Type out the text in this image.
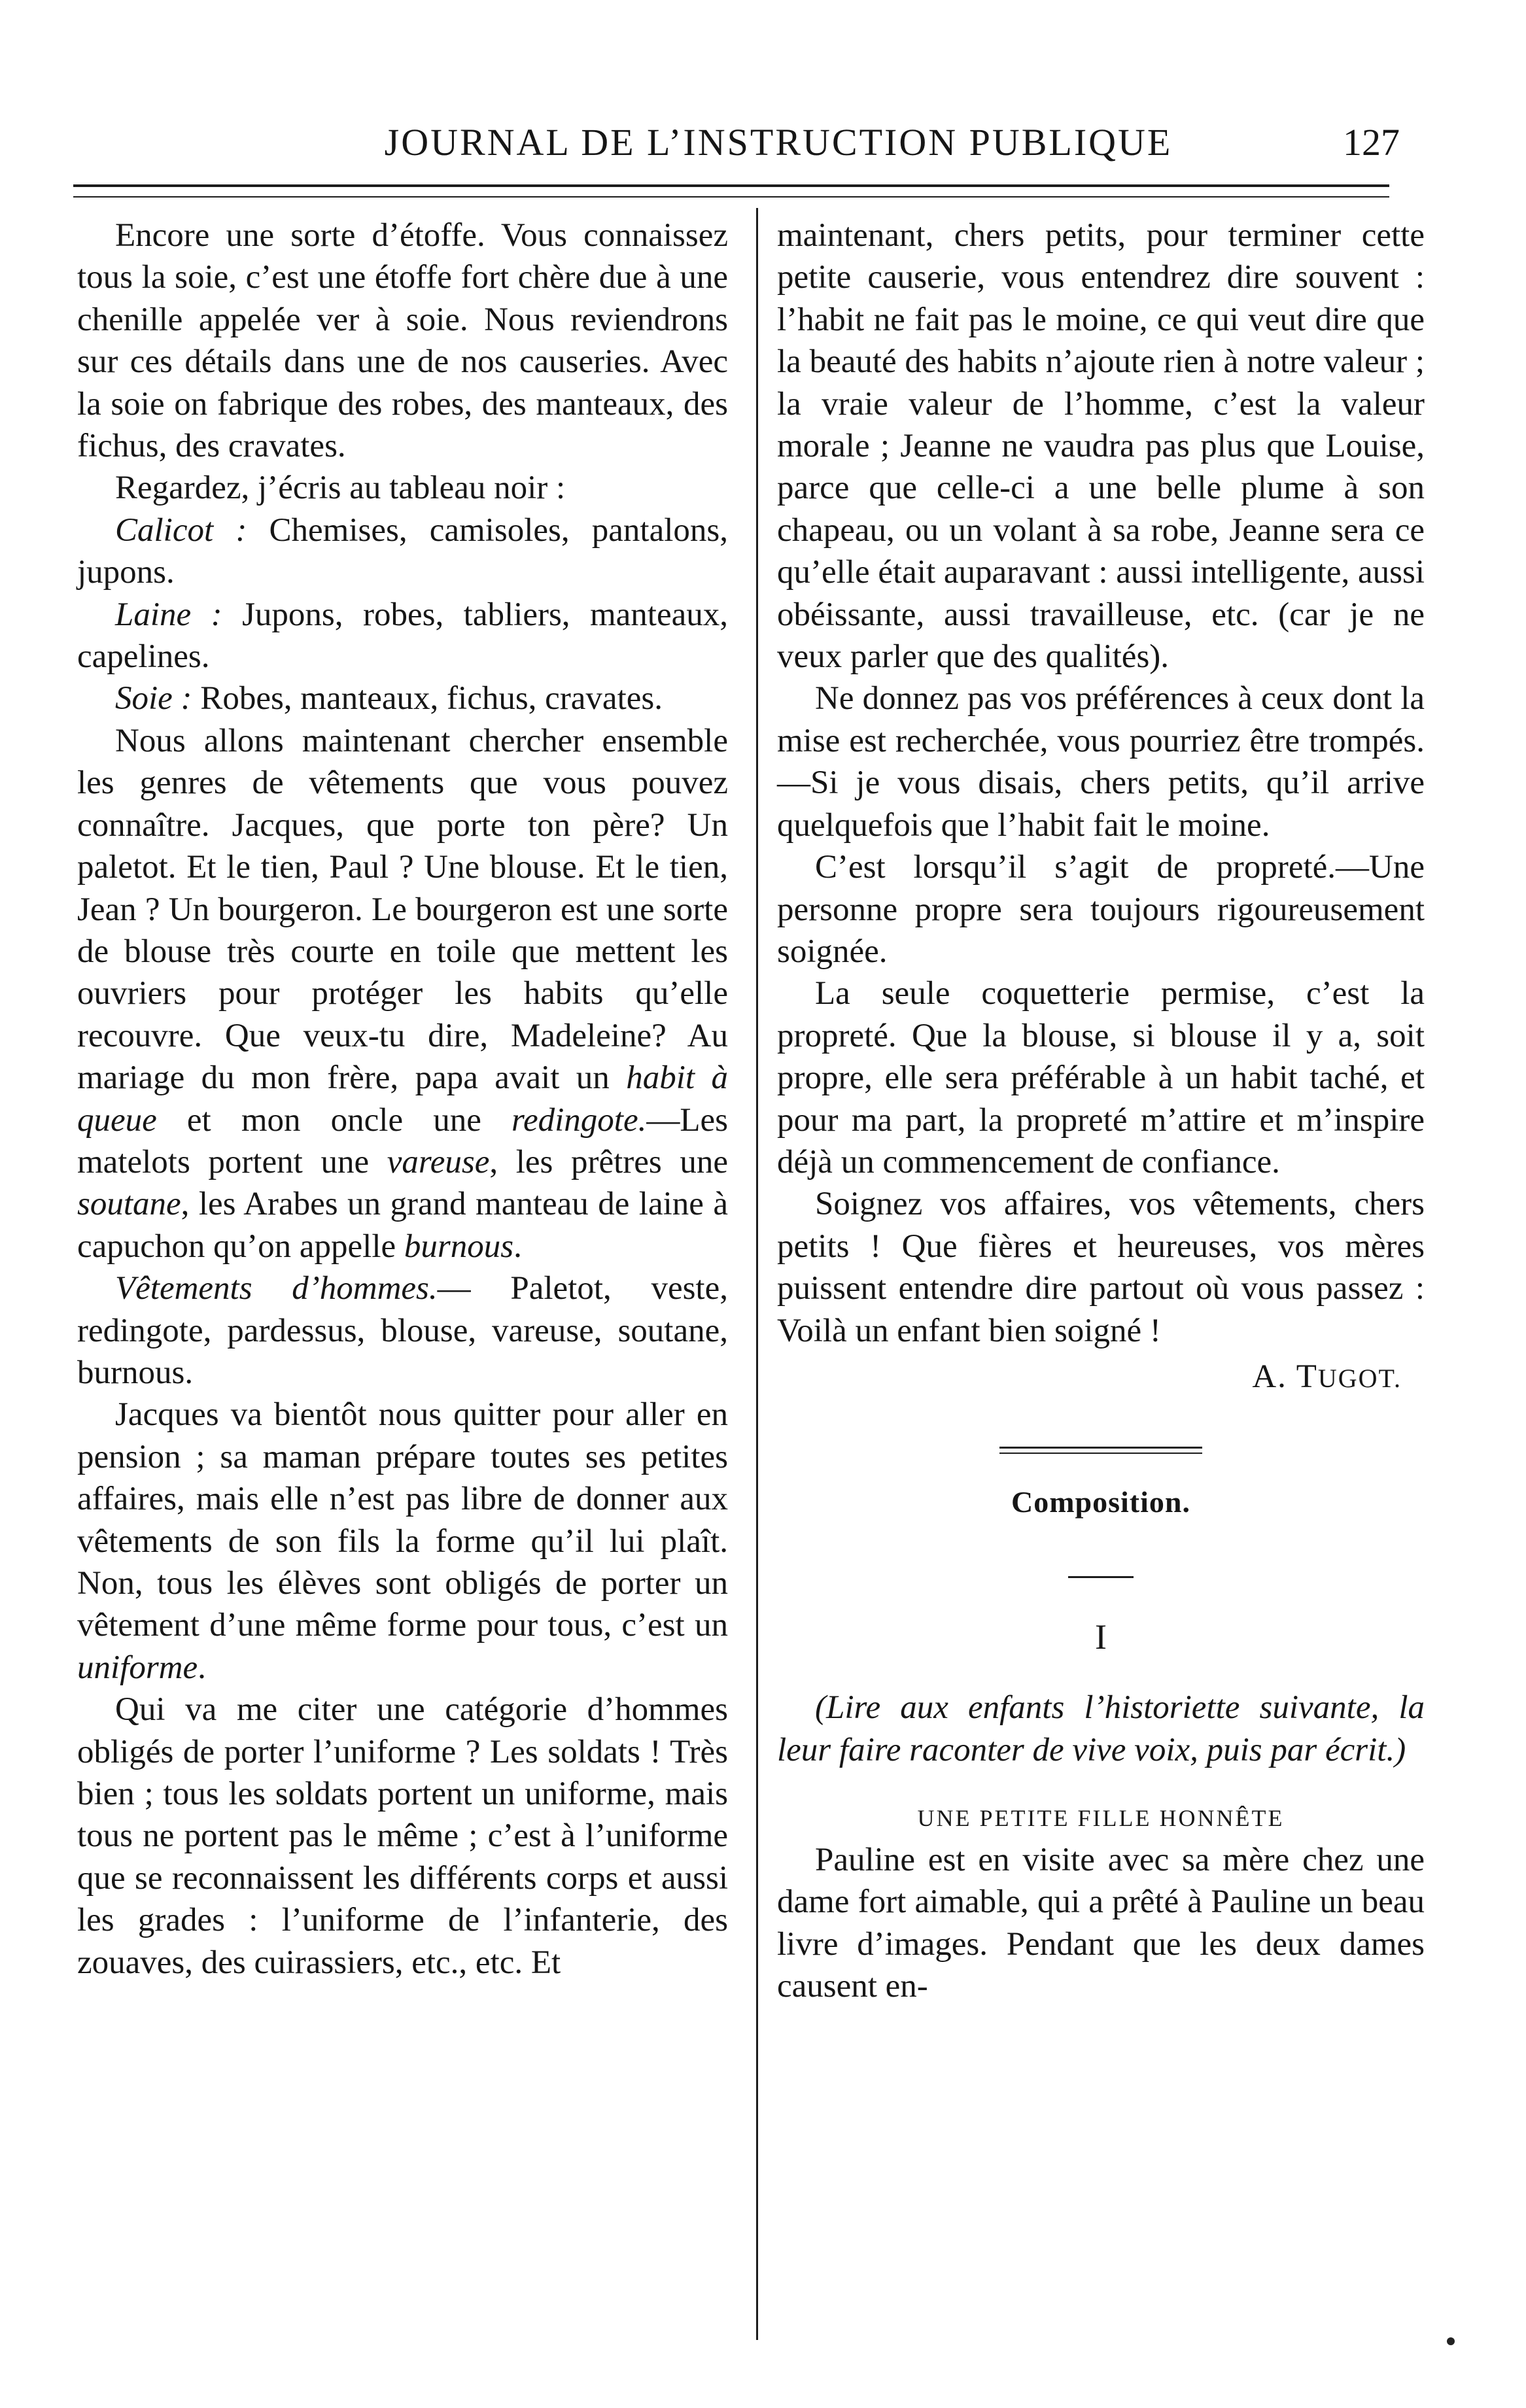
JOURNAL DE L’INSTRUCTION PUBLIQUE	127

Encore une sorte d’étoffe. Vous connaissez tous la soie, c’est une étoffe fort chère due à une chenille appelée ver à soie. Nous reviendrons sur ces détails dans une de nos causeries. Avec la soie on fabrique des robes, des manteaux, des fichus, des cravates.

Regardez, j’écris au tableau noir :

Calicot : Chemises, camisoles, pantalons, jupons.

Laine : Jupons, robes, tabliers, manteaux, capelines.

Soie : Robes, manteaux, fichus, cravates.

Nous allons maintenant chercher ensemble les genres de vêtements que vous pouvez connaître. Jacques, que porte ton père? Un paletot. Et le tien, Paul ? Une blouse. Et le tien, Jean ? Un bourgeron. Le bourgeron est une sorte de blouse très courte en toile que mettent les ouvriers pour protéger les habits qu’elle recouvre. Que veux-tu dire, Madeleine? Au mariage du mon frère, papa avait un habit à queue et mon oncle une redingote.—Les matelots portent une vareuse, les prêtres une soutane, les Arabes un grand manteau de laine à capuchon qu’on appelle burnous.

Vêtements d’hommes.— Paletot, veste, redingote, pardessus, blouse, vareuse, soutane, burnous.

Jacques va bientôt nous quitter pour aller en pension ; sa maman prépare toutes ses petites affaires, mais elle n’est pas libre de donner aux vêtements de son fils la forme qu’il lui plaît. Non, tous les élèves sont obligés de porter un vêtement d’une même forme pour tous, c’est un uniforme.

Qui va me citer une catégorie d’hommes obligés de porter l’uniforme ? Les soldats ! Très bien ; tous les soldats portent un uniforme, mais tous ne portent pas le même ; c’est à l’uniforme que se reconnaissent les différents corps et aussi les grades : l’uniforme de l’infanterie, des zouaves, des cuirassiers, etc., etc. Et

maintenant, chers petits, pour terminer cette petite causerie, vous entendrez dire souvent : l’habit ne fait pas le moine, ce qui veut dire que la beauté des habits n’ajoute rien à notre valeur ; la vraie valeur de l’homme, c’est la valeur morale ; Jeanne ne vaudra pas plus que Louise, parce que celle-ci a une belle plume à son chapeau, ou un volant à sa robe, Jeanne sera ce qu’elle était auparavant : aussi intelligente, aussi obéissante, aussi travailleuse, etc. (car je ne veux parler que des qualités).

Ne donnez pas vos préférences à ceux dont la mise est recherchée, vous pourriez être trompés.—Si je vous disais, chers petits, qu’il arrive quelquefois que l’habit fait le moine.

C’est lorsqu’il s’agit de propreté.—Une personne propre sera toujours rigoureusement soignée.

La seule coquetterie permise, c’est la propreté. Que la blouse, si blouse il y a, soit propre, elle sera préférable à un habit taché, et pour ma part, la propreté m’attire et m’inspire déjà un commencement de confiance.

Soignez vos affaires, vos vêtements, chers petits ! Que fières et heureuses, vos mères puissent entendre dire partout où vous passez : Voilà un enfant bien soigné !

A. TUGOT.

Composition.

I

(Lire aux enfants l’historiette suivante, la leur faire raconter de vive voix, puis par écrit.)

UNE PETITE FILLE HONNÊTE

Pauline est en visite avec sa mère chez une dame fort aimable, qui a prêté à Pauline un beau livre d’images. Pendant que les deux dames causent en-
